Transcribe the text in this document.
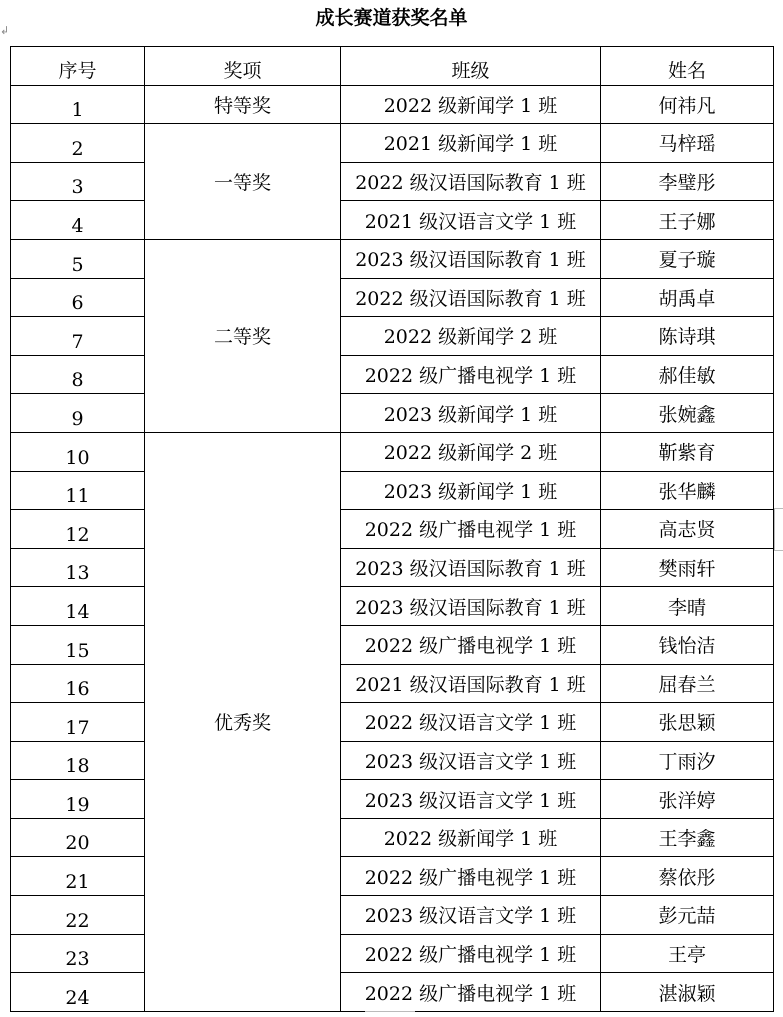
成长赛道获奖名单
↲
序号	奖项	班级	姓名
1	特等奖	2022 级新闻学 1 班	何祎凡
2	一等奖	2021 级新闻学 1 班	马梓瑶
3		2022 级汉语国际教育 1 班	李璧彤
4		2021 级汉语言文学 1 班	王子娜
5	二等奖	2023 级汉语国际教育 1 班	夏子璇
6		2022 级汉语国际教育 1 班	胡禹卓
7		2022 级新闻学 2 班	陈诗琪
8		2022 级广播电视学 1 班	郝佳敏
9		2023 级新闻学 1 班	张婉鑫
10	优秀奖	2022 级新闻学 2 班	靳紫育
11		2023 级新闻学 1 班	张华麟
12		2022 级广播电视学 1 班	高志贤
13		2023 级汉语国际教育 1 班	樊雨轩
14		2023 级汉语国际教育 1 班	李晴
15		2022 级广播电视学 1 班	钱怡洁
16		2021 级汉语国际教育 1 班	屈春兰
17		2022 级汉语言文学 1 班	张思颖
18		2023 级汉语言文学 1 班	丁雨汐
19		2023 级汉语言文学 1 班	张洋婷
20		2022 级新闻学 1 班	王李鑫
21		2022 级广播电视学 1 班	蔡依彤
22		2023 级汉语言文学 1 班	彭元喆
23		2022 级广播电视学 1 班	王亭
24		2022 级广播电视学 1 班	湛淑颖
